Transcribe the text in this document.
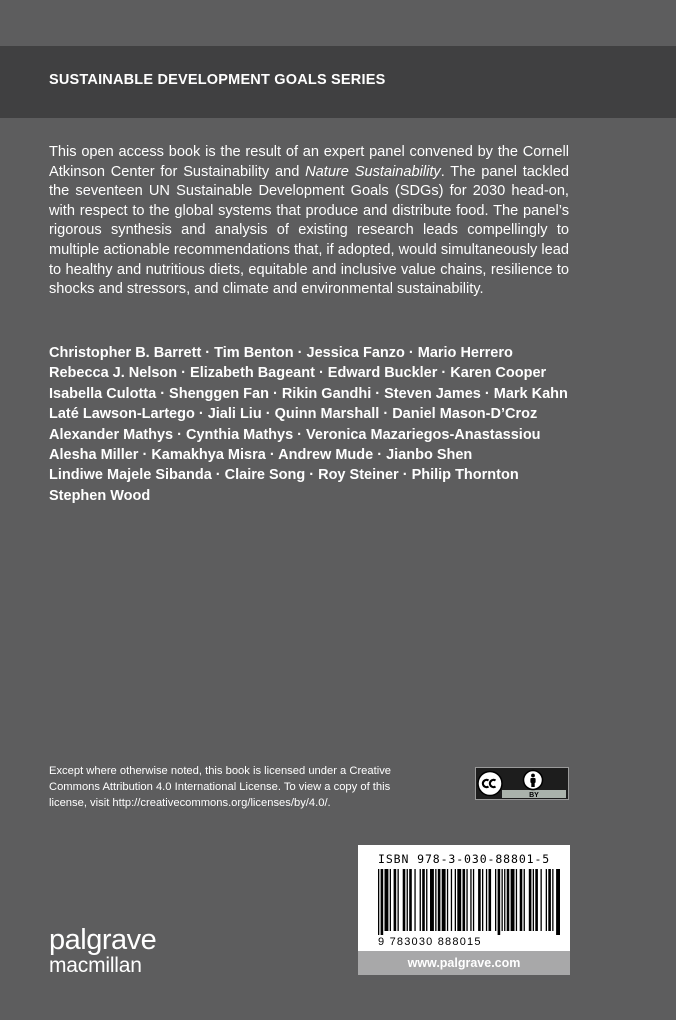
SUSTAINABLE DEVELOPMENT GOALS SERIES

This open access book is the result of an expert panel convened by the Cornell Atkinson Center for Sustainability and Nature Sustainability. The panel tackled the seventeen UN Sustainable Development Goals (SDGs) for 2030 head-on, with respect to the global systems that produce and distribute food. The panel’s rigorous synthesis and analysis of existing research leads compellingly to multiple actionable recommendations that, if adopted, would simultaneously lead to healthy and nutritious diets, equitable and inclusive value chains, resilience to shocks and stressors, and climate and environmental sustainability.

Christopher B. Barrett · Tim Benton · Jessica Fanzo · Mario Herrero
Rebecca J. Nelson · Elizabeth Bageant · Edward Buckler · Karen Cooper
Isabella Culotta · Shenggen Fan · Rikin Gandhi · Steven James · Mark Kahn
Laté Lawson-Lartego · Jiali Liu · Quinn Marshall · Daniel Mason-D’Croz
Alexander Mathys · Cynthia Mathys · Veronica Mazariegos-Anastassiou
Alesha Miller · Kamakhya Misra · Andrew Mude · Jianbo Shen
Lindiwe Majele Sibanda · Claire Song · Roy Steiner · Philip Thornton
Stephen Wood
Except where otherwise noted, this book is licensed under a Creative Commons Attribution 4.0 International License. To view a copy of this license, visit http://creativecommons.org/licenses/by/4.0/.
BY
ISBN 978-3-030-88801-5
9 783030 888015
www.palgrave.com
palgrave
macmillan
